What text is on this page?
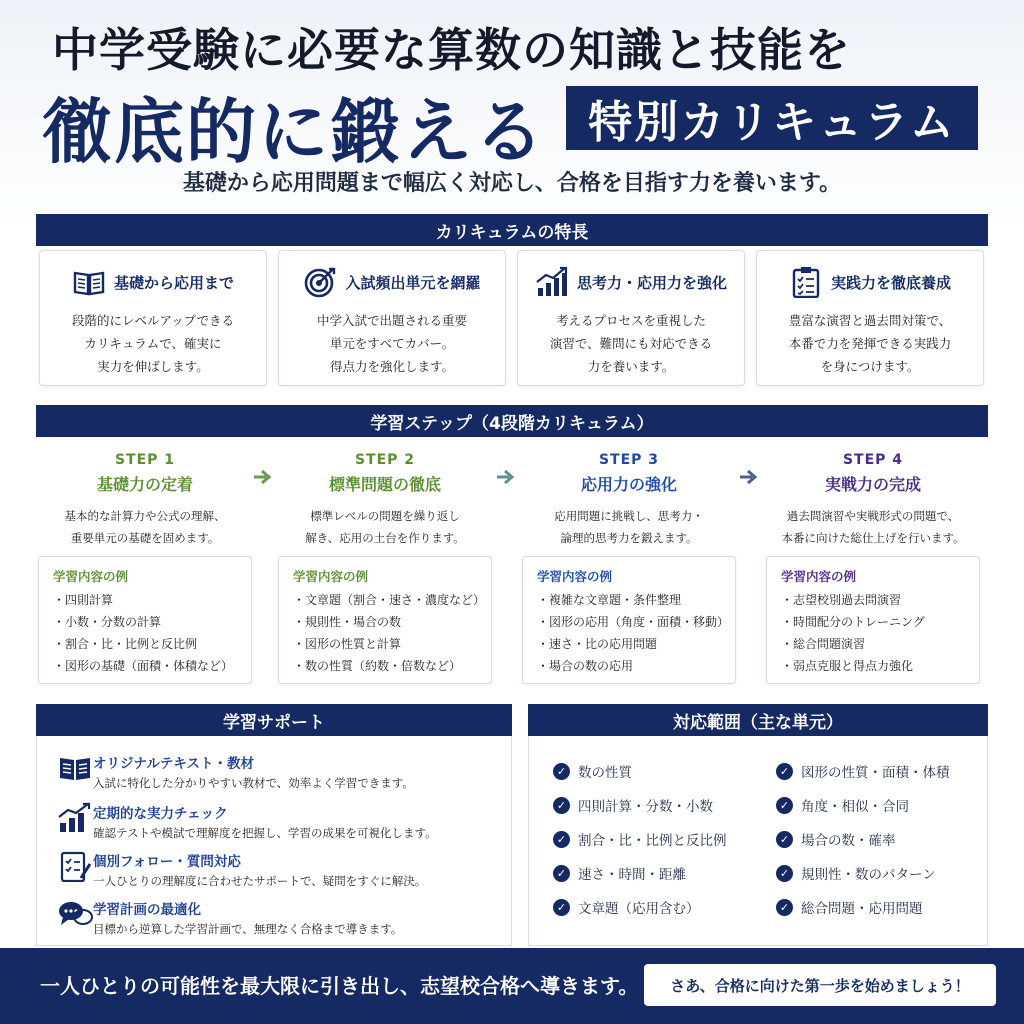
中学受験に必要な算数の知識と技能を
徹底的に鍛える 特別カリキュラム
基礎から応用問題まで幅広く対応し、合格を目指す力を養います。
カリキュラムの特長
基礎から応用まで
段階的にレベルアップできる
カリキュラムで、確実に
実力を伸ばします。
入試頻出単元を網羅
中学入試で出題される重要
単元をすべてカバー。
得点力を強化します。
思考力・応用力を強化
考えるプロセスを重視した
演習で、難問にも対応できる
力を養います。
実践力を徹底養成
豊富な演習と過去問対策で、
本番で力を発揮できる実践力
を身につけます。
学習ステップ（4段階カリキュラム）
STEP 1
基礎力の定着
基本的な計算力や公式の理解、
重要単元の基礎を固めます。
学習内容の例
・四則計算
・小数・分数の計算
・割合・比・比例と反比例
・図形の基礎（面積・体積など）
STEP 2
標準問題の徹底
標準レベルの問題を繰り返し
解き、応用の土台を作ります。
学習内容の例
・文章題（割合・速さ・濃度など）
・規則性・場合の数
・図形の性質と計算
・数の性質（約数・倍数など）
STEP 3
応用力の強化
応用問題に挑戦し、思考力・
論理的思考力を鍛えます。
学習内容の例
・複雑な文章題・条件整理
・図形の応用（角度・面積・移動）
・速さ・比の応用問題
・場合の数の応用
STEP 4
実戦力の完成
過去問演習や実戦形式の問題で、
本番に向けた総仕上げを行います。
学習内容の例
・志望校別過去問演習
・時間配分のトレーニング
・総合問題演習
・弱点克服と得点力強化
学習サポート
オリジナルテキスト・教材
入試に特化した分かりやすい教材で、効率よく学習できます。
定期的な実力チェック
確認テストや模試で理解度を把握し、学習の成果を可視化します。
個別フォロー・質問対応
一人ひとりの理解度に合わせたサポートで、疑問をすぐに解決。
学習計画の最適化
目標から逆算した学習計画で、無理なく合格まで導きます。
対応範囲（主な単元）
✓ 数の性質
✓ 四則計算・分数・小数
✓ 割合・比・比例と反比例
✓ 速さ・時間・距離
✓ 文章題（応用含む）
✓ 図形の性質・面積・体積
✓ 角度・相似・合同
✓ 場合の数・確率
✓ 規則性・数のパターン
✓ 総合問題・応用問題
一人ひとりの可能性を最大限に引き出し、志望校合格へ導きます。	さあ、合格に向けた第一歩を始めましょう！
